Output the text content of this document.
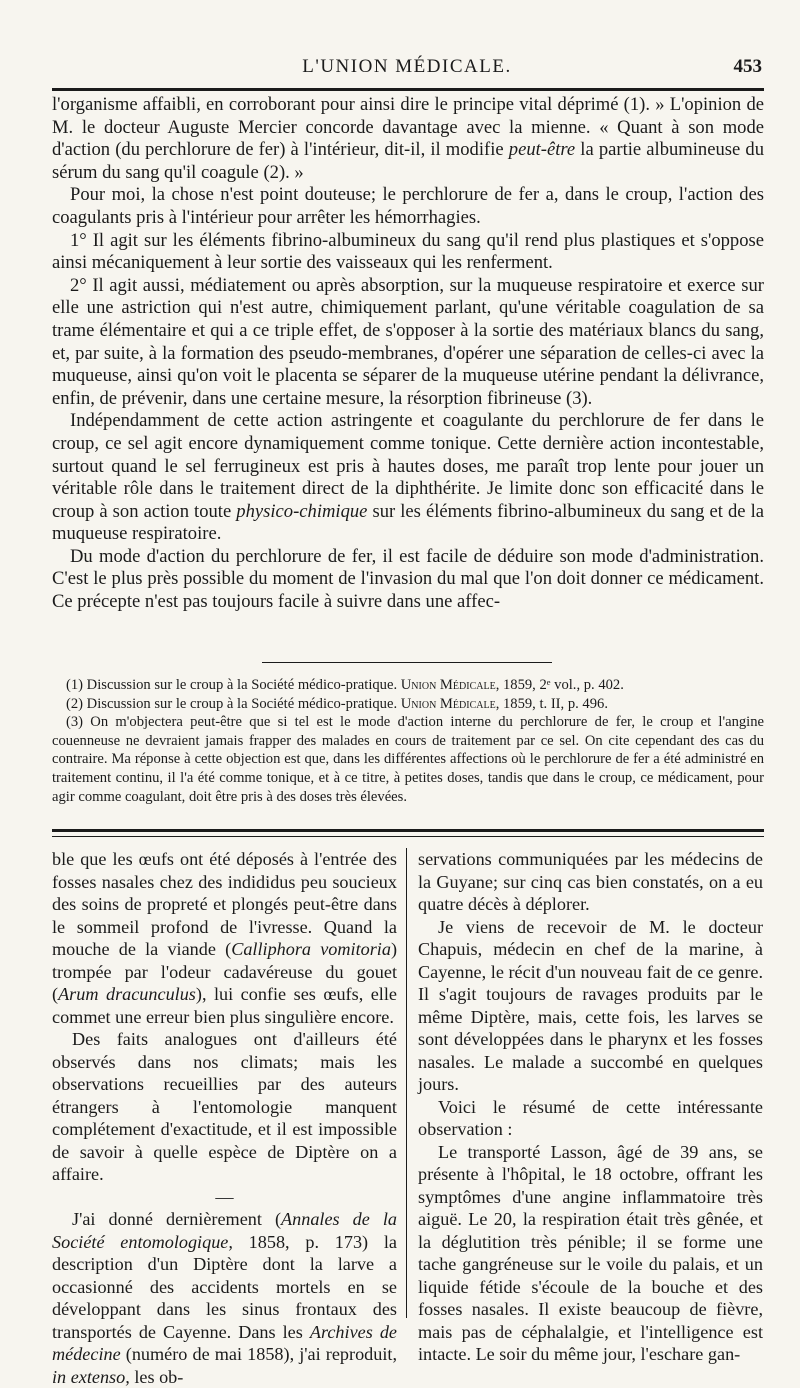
L'UNION MÉDICALE.	453

l'organisme affaibli, en corroborant pour ainsi dire le principe vital déprimé (1). » L'opinion de M. le docteur Auguste Mercier concorde davantage avec la mienne. « Quant à son mode d'action (du perchlorure de fer) à l'intérieur, dit-il, il modifie peut-être la partie albumineuse du sérum du sang qu'il coagule (2). »

Pour moi, la chose n'est point douteuse; le perchlorure de fer a, dans le croup, l'action des coagulants pris à l'intérieur pour arrêter les hémorrhagies.

1° Il agit sur les éléments fibrino-albumineux du sang qu'il rend plus plastiques et s'oppose ainsi mécaniquement à leur sortie des vaisseaux qui les renferment.

2° Il agit aussi, médiatement ou après absorption, sur la muqueuse respiratoire et exerce sur elle une astriction qui n'est autre, chimiquement parlant, qu'une véritable coagulation de sa trame élémentaire et qui a ce triple effet, de s'opposer à la sortie des matériaux blancs du sang, et, par suite, à la formation des pseudo-membranes, d'opérer une séparation de celles-ci avec la muqueuse, ainsi qu'on voit le placenta se séparer de la muqueuse utérine pendant la délivrance, enfin, de prévenir, dans une certaine mesure, la résorption fibrineuse (3).

Indépendamment de cette action astringente et coagulante du perchlorure de fer dans le croup, ce sel agit encore dynamiquement comme tonique. Cette dernière action incontestable, surtout quand le sel ferrugineux est pris à hautes doses, me paraît trop lente pour jouer un véritable rôle dans le traitement direct de la diphthérite. Je limite donc son efficacité dans le croup à son action toute physico-chimique sur les éléments fibrino-albumineux du sang et de la muqueuse respiratoire.

Du mode d'action du perchlorure de fer, il est facile de déduire son mode d'administration. C'est le plus près possible du moment de l'invasion du mal que l'on doit donner ce médicament. Ce précepte n'est pas toujours facile à suivre dans une affec-

(1) Discussion sur le croup à la Société médico-pratique. Union Médicale, 1859, 2ᵉ vol., p. 402.

(2) Discussion sur le croup à la Société médico-pratique. Union Médicale, 1859, t. II, p. 496.

(3) On m'objectera peut-être que si tel est le mode d'action interne du perchlorure de fer, le croup et l'angine couenneuse ne devraient jamais frapper des malades en cours de traitement par ce sel. On cite cependant des cas du contraire. Ma réponse à cette objection est que, dans les différentes affections où le perchlorure de fer a été administré en traitement continu, il l'a été comme tonique, et à ce titre, à petites doses, tandis que dans le croup, ce médicament, pour agir comme coagulant, doit être pris à des doses très élevées.

ble que les œufs ont été déposés à l'entrée des fosses nasales chez des indididus peu soucieux des soins de propreté et plongés peut-être dans le sommeil profond de l'ivresse. Quand la mouche de la viande (Calliphora vomitoria) trompée par l'odeur cadavéreuse du gouet (Arum dracunculus), lui confie ses œufs, elle commet une erreur bien plus singulière encore.

Des faits analogues ont d'ailleurs été observés dans nos climats; mais les observations recueillies par des auteurs étrangers à l'entomologie manquent complétement d'exactitude, et il est impossible de savoir à quelle espèce de Diptère on a affaire.

—

J'ai donné dernièrement (Annales de la Société entomologique, 1858, p. 173) la description d'un Diptère dont la larve a occasionné des accidents mortels en se développant dans les sinus frontaux des transportés de Cayenne. Dans les Archives de médecine (numéro de mai 1858), j'ai reproduit, in extenso, les ob-

servations communiquées par les médecins de la Guyane; sur cinq cas bien constatés, on a eu quatre décès à déplorer.

Je viens de recevoir de M. le docteur Chapuis, médecin en chef de la marine, à Cayenne, le récit d'un nouveau fait de ce genre. Il s'agit toujours de ravages produits par le même Diptère, mais, cette fois, les larves se sont développées dans le pharynx et les fosses nasales. Le malade a succombé en quelques jours.

Voici le résumé de cette intéressante observation :

Le transporté Lasson, âgé de 39 ans, se présente à l'hôpital, le 18 octobre, offrant les symptômes d'une angine inflammatoire très aiguë. Le 20, la respiration était très gênée, et la déglutition très pénible; il se forme une tache gangréneuse sur le voile du palais, et un liquide fétide s'écoule de la bouche et des fosses nasales. Il existe beaucoup de fièvre, mais pas de céphalalgie, et l'intelligence est intacte. Le soir du même jour, l'eschare gan-
